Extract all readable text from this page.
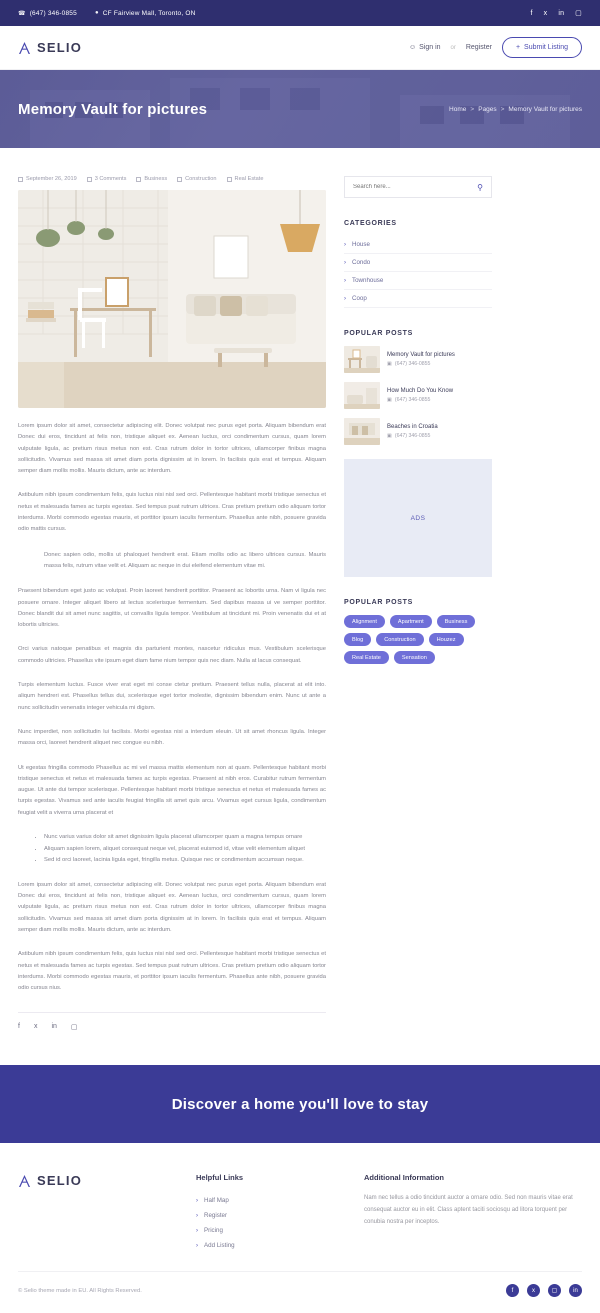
☎ (647) 346-0855	● CF Fairview Mall, Toronto, ON	f x in ▢
SELIO	☺ Sign in or Register	+ Submit Listing
Memory Vault for pictures	Home > Pages > Memory Vault for pictures
September 26, 2019	3 Comments	Business	Construction	Real Estate

Lorem ipsum dolor sit amet, consectetur adipiscing elit. Donec volutpat nec purus eget porta. Aliquam bibendum erat Donec dui eros, tincidunt at felis non, tristique aliquet ex. Aenean luctus, orci condimentum cursus, quam lorem vulputate ligula, ac pretium risus metus non est. Cras rutrum dolor in tortor ultrices, ullamcorper finibus magna sollicitudin. Vivamus sed massa sit amet diam porta dignissim at in lorem. In facilisis quis erat et tempus. Aliquam semper diam mollis mollis. Mauris dictum, ante ac interdum.

Astibulum nibh ipsum condimentum felis, quis luctus nisi nisl sed orci. Pellentesque habitant morbi tristique senectus et netus et malesuada fames ac turpis egestas. Sed tempus puat rutrum ultrices. Cras pretium pretium odio aliquam tortor interdums. Morbi commodo egestas mauris, et porttitor ipsum iaculis fermentum. Phasellus ante nibh, posuere gravida odio mattis cursus.

Donec sapien odio, mollis ut phaloquet hendrerit erat. Etiam mollis odio ac libero ultrices cursus. Mauris massa felis, rutrum vitae velit et. Aliquam ac neque in dui eleifend elementum vitae mi.

Praesent bibendum eget justo ac volutpat. Proin laoreet hendrerit porttitor. Praesent ac lobortis urna. Nam vi ligula nec posuere ornare. Integer aliquet libero at lectus scelerisque fermentum. Sed dapibus massa ui ve semper porttitor. Donec blandit dui sit amet nunc sagittis, ut convallis ligula tempor. Vestibulum at tincidunt mi. Proin venenatis dui et at lobortis ultricies.

Orci varius natoque penatibus et magnis dis parturient montes, nascetur ridiculus mus. Vestibulum scelerisque commodo ultricies. Phasellus vite ipsum eget diam fame nium tempor quis nec diam. Nulla at lacus consequat.

Turpis elementum luctus. Fusce viver erat eget mi conse ctetur pretium. Praesent tellus nulla, placerat at elit into. aliqum hendreri est. Phasellus tellus dui, scelerisque eget tortor molestie, dignissim bibendum enim. Nunc ut ante a nunc sollicitudin venenatis integer vehicula mi digism.

Nunc imperdiet, non sollicitudin lui facilisis. Morbi egestas nisi a interdum eleuin. Ut sit amet rhoncus ligula. Integer massa orci, laoreet hendrerit aliquet nec congue eu nibh.

Ut egestas fringilla commodo Phasellus ac mi vel massa mattis elementum non at quam. Pellentesque habitant morbi tristique senectus et netus et malesuada fames ac turpis egestas. Praesent at nibh eros. Curabitur rutrum fermentum augue. Ut ante dui tempor scelerisque. Pellentesque habitant morbi tristique senectus et netus et malesuada fames ac turpis egestas. Vivamus sed ante iaculis feugiat fringilla sit amet quis arcu. Vivamus eget cursus ligula, condimentum feugiat velit a viverra urna placerat et

• Nunc varius varius dolor sit amet dignissim ligula placerat ullamcorper quam a magna tempus ornare
• Aliquam sapien lorem, aliquet consequat neque vel, placerat euismod id, vitae velit elementum aliquet
• Sed id orci laoreet, lacinia ligula eget, fringilla metus. Quisque nec or condimentum accumsan neque.

Lorem ipsum dolor sit amet, consectetur adipiscing elit. Donec volutpat nec purus eget porta. Aliquam bibendum erat Donec dui eros, tincidunt at felis non, tristique aliquet ex. Aenean luctus, orci condimentum cursus, quam lorem vulputate ligula, ac pretium risus metus non est. Cras rutrum dolor in tortor ultrices, ullamcorper finibus magna sollicitudin. Vivamus sed massa sit amet diam porta dignissim at in lorem. In facilisis quis erat et tempus. Aliquam semper diam mollis mollis. Mauris dictum, ante ac interdum.

Astibulum nibh ipsum condimentum felis, quis luctus nisi nisl sed orci. Pellentesque habitant morbi tristique senectus et netus et malesuada fames ac turpis egestas. Sed tempus puat rutrum ultrices. Cras pretium pretium odio aliquam tortor interdums. Morbi commodo egestas mauris, et porttitor ipsum iaculis fermentum. Phasellus ante nibh, posuere gravida odio cursus nius.

f x in ▢
Search here...
⚲
CATEGORIES
› House
› Condo
› Townhouse
› Coop
POPULAR POSTS
Memory Vault for pictures
▣ (647) 346-0855
How Much Do You Know
▣ (647) 346-0855
Beaches in Croatia
▣ (647) 346-0855
ADS
POPULAR POSTS
Alignment	Apartment	Business
Blog	Construction	Houzez
Real Estate	Sensation
Discover a home you'll love to stay
SELIO	Helpful Links
› Half Map
› Register
› Pricing
› Add Listing
Additional Information
Nam nec tellus a odio tincidunt auctor a ornare odio. Sed non mauris vitae erat consequat auctor eu in elit. Class aptent taciti sociosqu ad litora torquent per conubia nostra per inceptos.
© Selio theme made in EU. All Rights Reserved.	f	x	▢	in
